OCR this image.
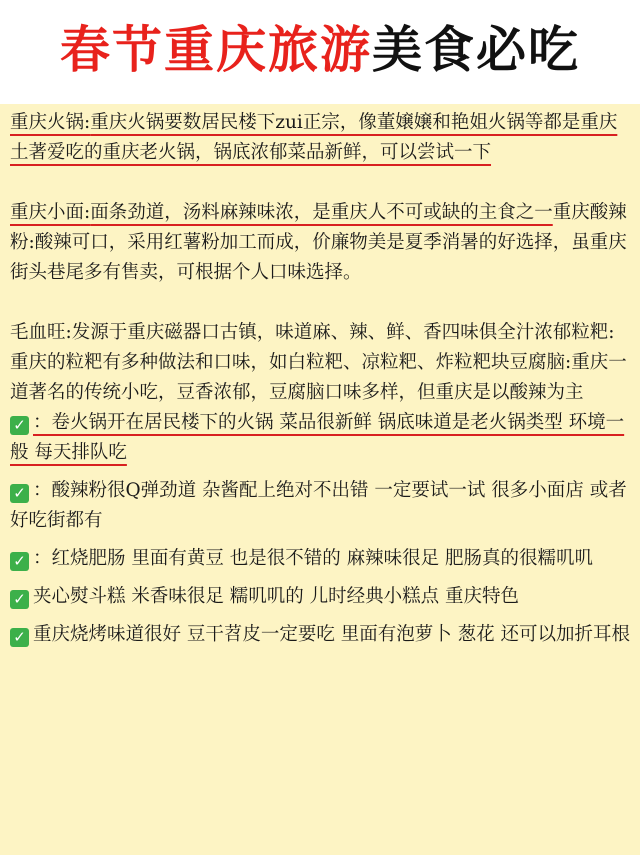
春节重庆旅游美食必吃

重庆火锅:重庆火锅要数居民楼下zui正宗，像董嬢嬢和艳姐火锅等都是重庆土著爱吃的重庆老火锅，锅底浓郁菜品新鲜，可以尝试一下

重庆小面:面条劲道，汤料麻辣味浓，是重庆人不可或缺的主食之一重庆酸辣粉:酸辣可口，采用红薯粉加工而成，价廉物美是夏季消暑的好选择，虽重庆街头巷尾多有售卖，可根据个人口味选择。

毛血旺:发源于重庆磁器口古镇，味道麻、辣、鲜、香四味俱全汁浓郁粒粑:重庆的粒粑有多种做法和口味，如白粒粑、凉粒粑、炸粒粑块豆腐脑:重庆一道著名的传统小吃，豆香浓郁，豆腐脑口味多样，但重庆是以酸辣为主

✓ ：卷火锅开在居民楼下的火锅 菜品很新鲜 锅底味道是老火锅类型 环境一般 每天排队吃

✓ ：酸辣粉很Q弹劲道 杂酱配上绝对不出错 一定要试一试 很多小面店 或者好吃街都有

✓ ：红烧肥肠 里面有黄豆 也是很不错的 麻辣味很足 肥肠真的很糯叽叽

✓ 夹心熨斗糕 米香味很足 糯叽叽的 儿时经典小糕点 重庆特色

✓ 重庆烧烤味道很好 豆干苕皮一定要吃 里面有泡萝卜 葱花 还可以加折耳根
